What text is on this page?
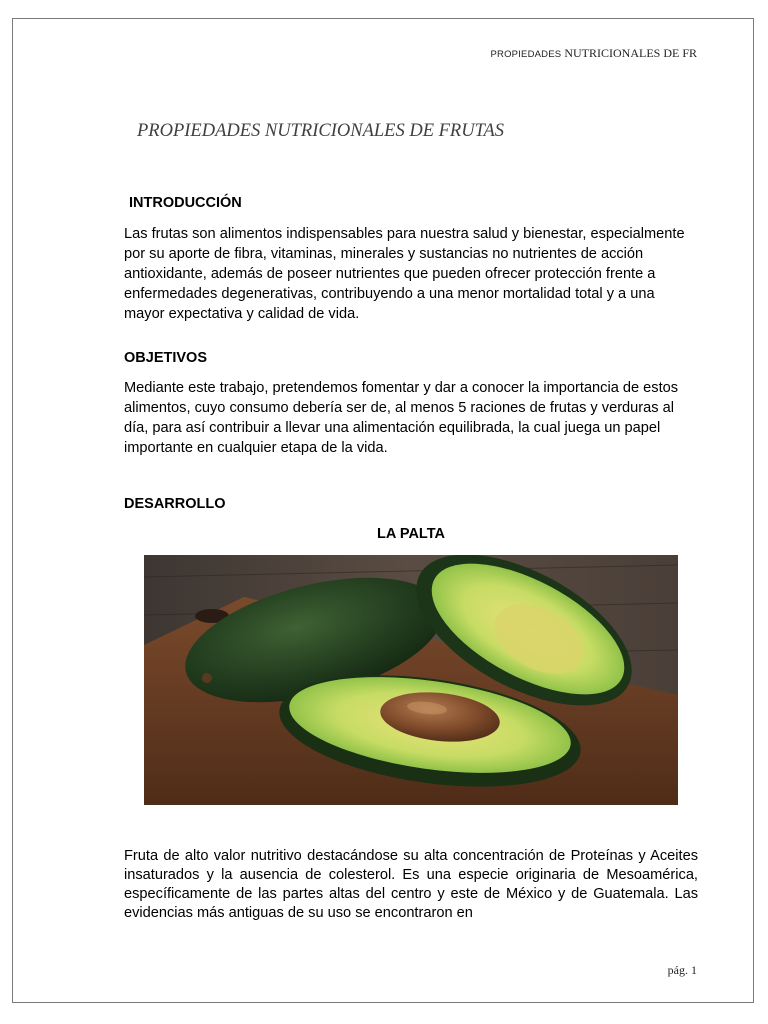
PROPIEDADES NUTRICIONALES DE FR
PROPIEDADES NUTRICIONALES DE FRUTAS
INTRODUCCIÓN

Las frutas son alimentos indispensables para nuestra salud y bienestar, especialmente por su aporte de fibra, vitaminas, minerales y sustancias no nutrientes de acción antioxidante, además de poseer nutrientes que pueden ofrecer protección frente a enfermedades degenerativas, contribuyendo a una menor mortalidad total y a una mayor expectativa y calidad de vida.

OBJETIVOS

Mediante este trabajo, pretendemos fomentar y dar a conocer la importancia de estos alimentos, cuyo consumo debería ser de, al menos 5 raciones de frutas y verduras al día, para así contribuir a llevar una alimentación equilibrada, la cual juega un papel importante en cualquier etapa de la vida.

DESARROLLO
LA PALTA

Fruta de alto valor nutritivo destacándose su alta concentración de Proteínas y Aceites insaturados y la ausencia de colesterol. Es una especie originaria de Mesoamérica, específicamente de las partes altas del centro y este de México y de Guatemala. Las evidencias más antiguas de su uso se encontraron en

pág. 1
